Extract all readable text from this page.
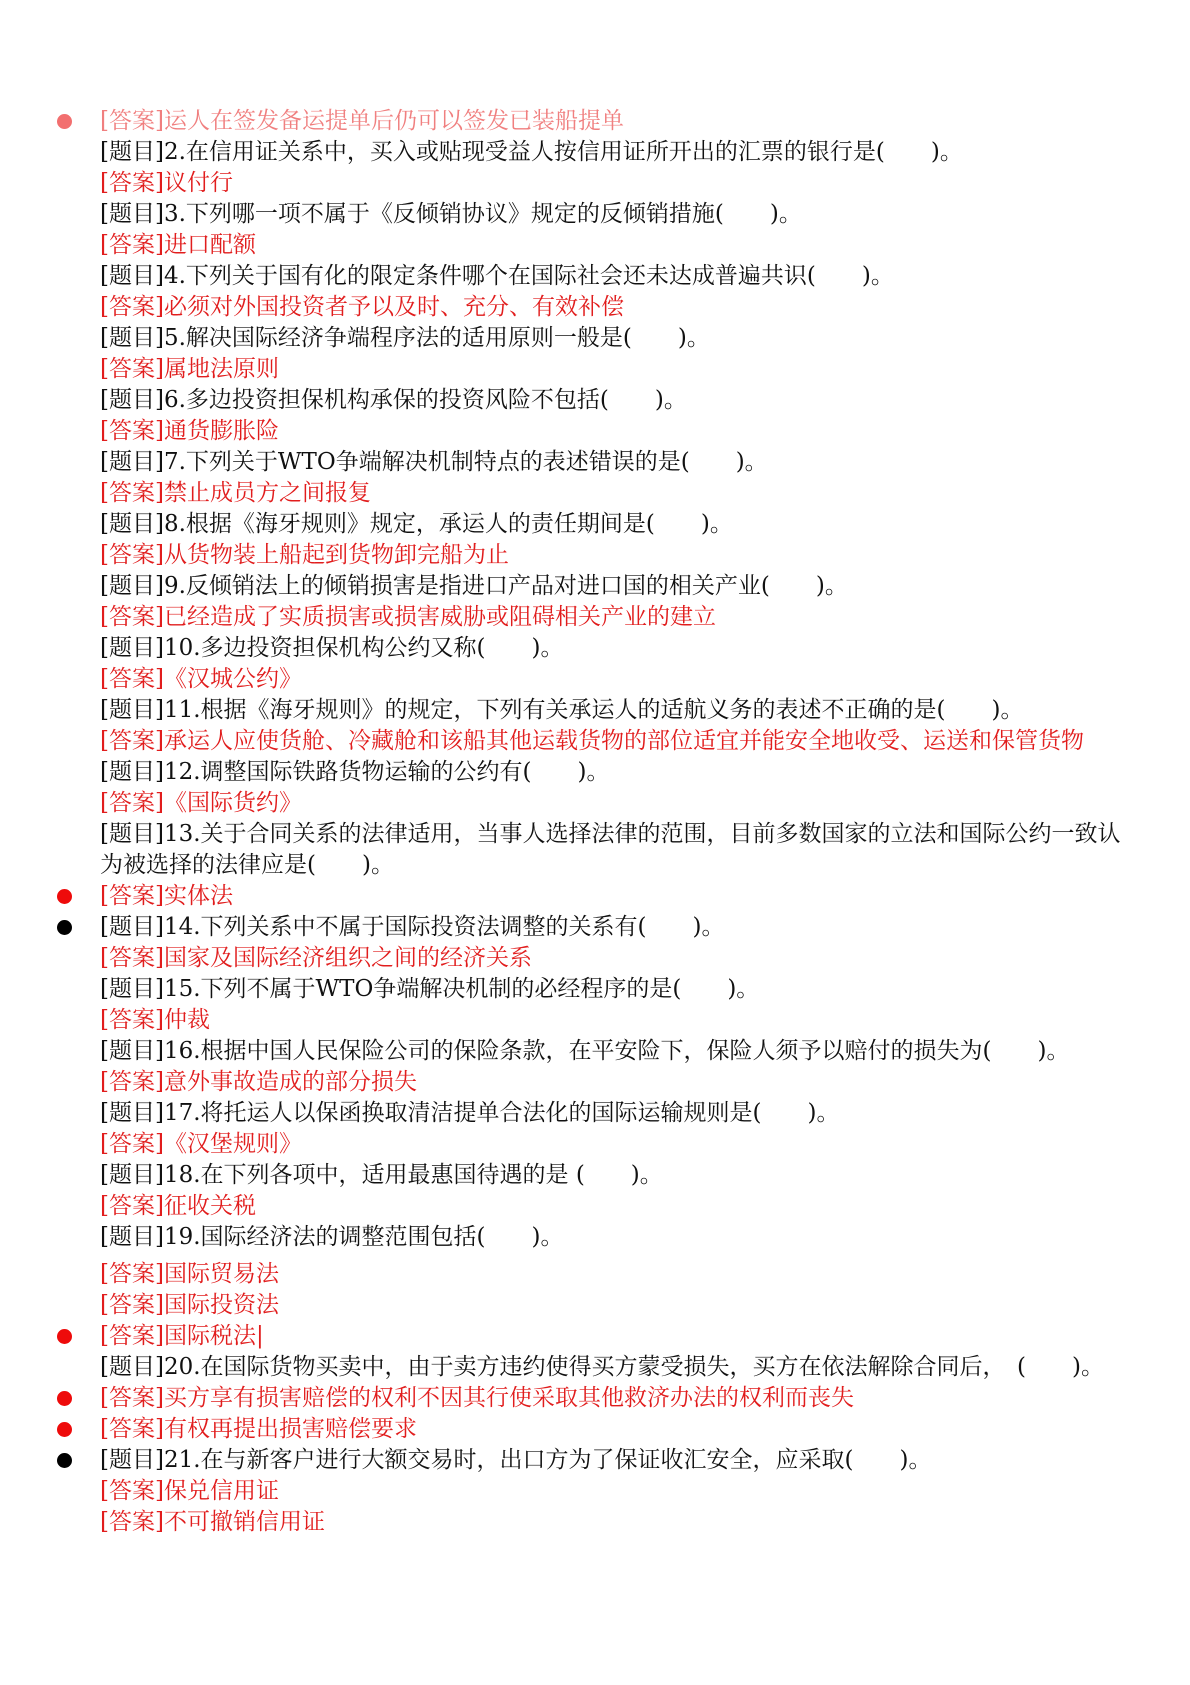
[答案]运人在签发备运提单后仍可以签发已装船提单
[题目]2.在信用证关系中，买入或贴现受益人按信用证所开出的汇票的银行是(　　)。
[答案]议付行
[题目]3.下列哪一项不属于《反倾销协议》规定的反倾销措施(　　)。
[答案]进口配额
[题目]4.下列关于国有化的限定条件哪个在国际社会还未达成普遍共识(　　)。
[答案]必须对外国投资者予以及时、充分、有效补偿
[题目]5.解决国际经济争端程序法的适用原则一般是(　　)。
[答案]属地法原则
[题目]6.多边投资担保机构承保的投资风险不包括(　　)。
[答案]通货膨胀险
[题目]7.下列关于WTO争端解决机制特点的表述错误的是(　　)。
[答案]禁止成员方之间报复
[题目]8.根据《海牙规则》规定，承运人的责任期间是(　　)。
[答案]从货物装上船起到货物卸完船为止
[题目]9.反倾销法上的倾销损害是指进口产品对进口国的相关产业(　　)。
[答案]已经造成了实质损害或损害威胁或阻碍相关产业的建立
[题目]10.多边投资担保机构公约又称(　　)。
[答案]《汉城公约》
[题目]11.根据《海牙规则》的规定，下列有关承运人的适航义务的表述不正确的是(　　)。
[答案]承运人应使货舱、冷藏舱和该船其他运载货物的部位适宜并能安全地收受、运送和保管货物
[题目]12.调整国际铁路货物运输的公约有(　　)。
[答案]《国际货约》
[题目]13.关于合同关系的法律适用，当事人选择法律的范围，目前多数国家的立法和国际公约一致认为被选择的法律应是(　　)。
[答案]实体法
[题目]14.下列关系中不属于国际投资法调整的关系有(　　)。
[答案]国家及国际经济组织之间的经济关系
[题目]15.下列不属于WTO争端解决机制的必经程序的是(　　)。
[答案]仲裁
[题目]16.根据中国人民保险公司的保险条款，在平安险下，保险人须予以赔付的损失为(　　)。
[答案]意外事故造成的部分损失
[题目]17.将托运人以保函换取清洁提单合法化的国际运输规则是(　　)。
[答案]《汉堡规则》
[题目]18.在下列各项中，适用最惠国待遇的是 (　　)。
[答案]征收关税
[题目]19.国际经济法的调整范围包括(　　)。
[答案]国际贸易法
[答案]国际投资法
[答案]国际税法|
[题目]20.在国际货物买卖中，由于卖方违约使得买方蒙受损失，买方在依法解除合同后，　(　　)。
[答案]买方享有损害赔偿的权利不因其行使采取其他救济办法的权利而丧失
[答案]有权再提出损害赔偿要求
[题目]21.在与新客户进行大额交易时，出口方为了保证收汇安全，应采取(　　)。
[答案]保兑信用证
[答案]不可撤销信用证
